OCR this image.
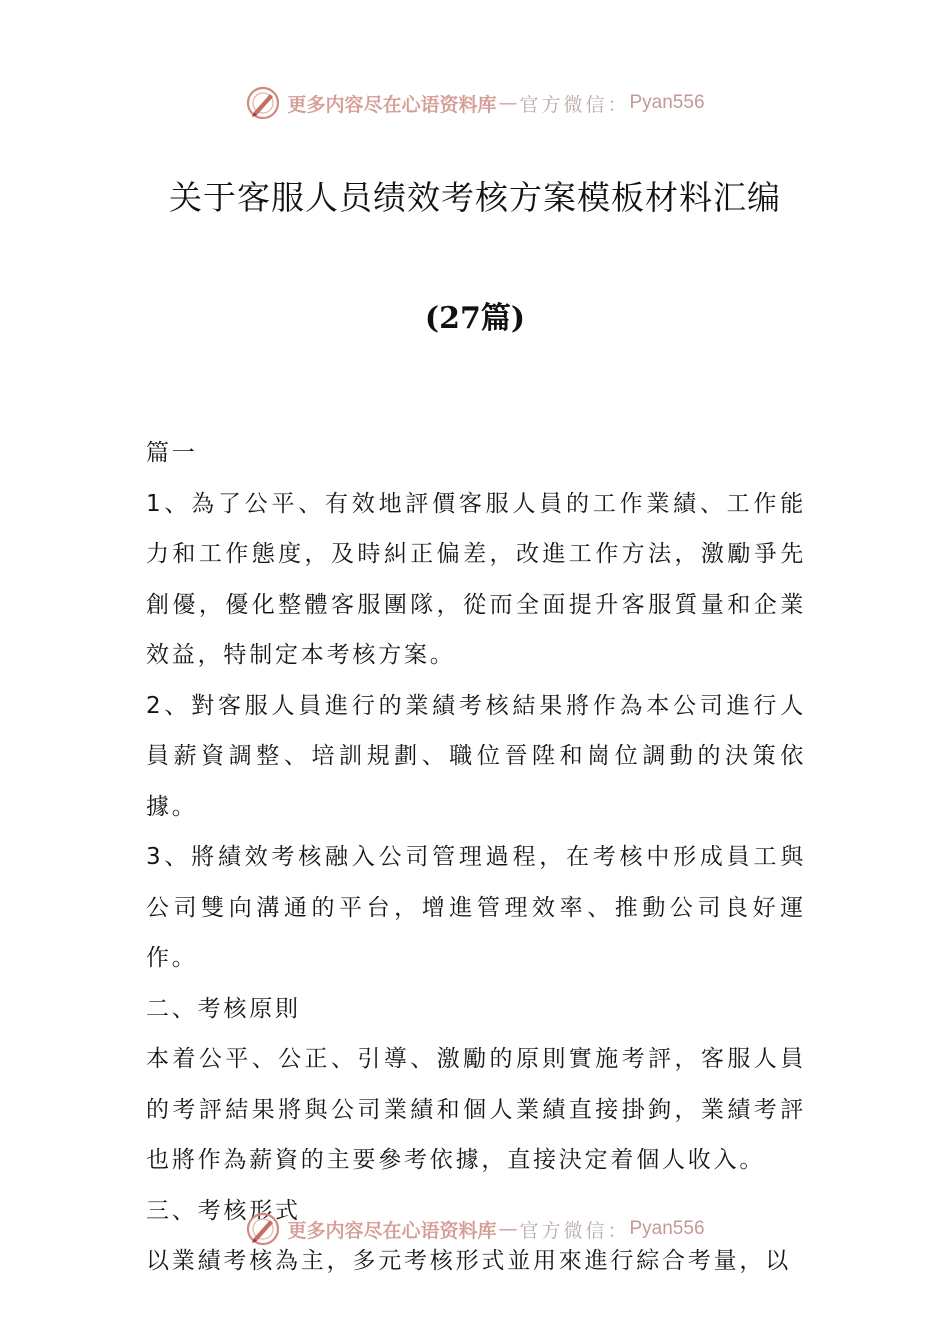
更多内容尽在心语资料库 — 官方微信： Pyan556
关于客服人员绩效考核方案模板材料汇编
(27篇)

篇一

1、為了公平、有效地評價客服人員的工作業績、工作能力和工作態度，及時糾正偏差，改進工作方法，激勵爭先創優，優化整體客服團隊，從而全面提升客服質量和企業效益，特制定本考核方案。

2、對客服人員進行的業績考核結果將作為本公司進行人員薪資調整、培訓規劃、職位晉陞和崗位調動的決策依據。

3、將績效考核融入公司管理過程，在考核中形成員工與公司雙向溝通的平台，增進管理效率、推動公司良好運作。

二、考核原則

本着公平、公正、引導、激勵的原則實施考評，客服人員的考評結果將與公司業績和個人業績直接掛鉤，業績考評也將作為薪資的主要參考依據，直接決定着個人收入。

三、考核形式

以業績考核為主，多元考核形式並用來進行綜合考量，以

更多内容尽在心语资料库 — 官方微信： Pyan556
